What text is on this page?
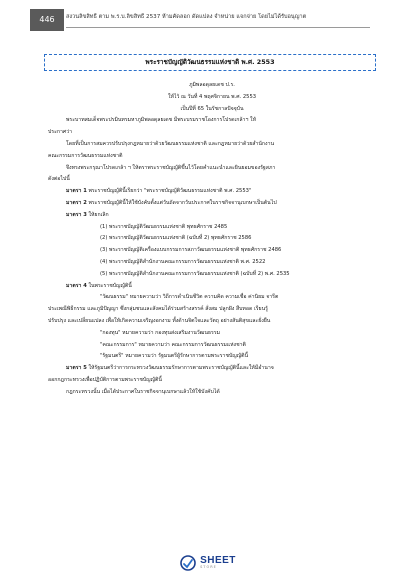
446	สงวนลิขสิทธิ์ ตาม พ.ร.บ.ลิขสิทธิ์ 2537 ห้ามคัดลอก ดัดแปลง จำหน่าย แจกจ่าย โดยไม่ได้รับอนุญาต
พระราชบัญญัติวัฒนธรรมแห่งชาติ พ.ศ. 2553
ภูมิพลอดุลยเดช ป.ร.
ให้ไว้ ณ วันที่ 4 พฤศจิกายน พ.ศ. 2553
เป็นปีที่ 65 ในรัชกาลปัจจุบัน
พระบาทสมเด็จพระปรมินทรมหาภูมิพลอดุลยเดช มีพระบรมราชโองการโปรดเกล้าฯ ให้
ประกาศว่า
โดยที่เป็นการสมควรปรับปรุงกฎหมายว่าด้วยวัฒนธรรมแห่งชาติ และกฎหมายว่าด้วยสำนักงาน
คณะกรรมการวัฒนธรรมแห่งชาติ
จึงทรงพระกรุณาโปรดเกล้า ฯ ให้ตราพระราชบัญญัติขึ้นไว้โดยคำแนะนำและยินยอมของรัฐสภา
ดังต่อไปนี้
มาตรา 1 พระราชบัญญัตินี้เรียกว่า "พระราชบัญญัติวัฒนธรรมแห่งชาติ พ.ศ. 2553"
มาตรา 2 พระราชบัญญัตินี้ให้ใช้บังคับตั้งแต่วันถัดจากวันประกาศในราชกิจจานุเบกษาเป็นต้นไป
มาตรา 3 ให้ยกเลิก
(1) พระราชบัญญัติวัฒนธรรมแห่งชาติ พุทธศักราช 2485
(2) พระราชบัญญัติวัฒนธรรมแห่งชาติ (ฉบับที่ 2) พุทธศักราช 2586
(3) พระราชบัญญัติเครื่องแบบกรรมการสภาวัฒนธรรมแห่งชาติ พุทธศักราช 2486
(4) พระราชบัญญัติสำนักงานคณะกรรมการวัฒนธรรมแห่งชาติ พ.ศ. 2522
(5) พระราชบัญญัติสำนักงานคณะกรรมการวัฒนธรรมแห่งชาติ (ฉบับที่ 2) พ.ศ. 2535
มาตรา 4 ในพระราชบัญญัตินี้
"วัฒนธรรม" หมายความว่า วิถีการดำเนินชีวิต ความคิด ความเชื่อ ค่านิยม จารีต
ประเพณีพิธีกรรม และภูมิปัญญา ซึ่งกลุ่มชนและสังคมได้ร่วมสร้างสรรค์ สั่งสม ปลูกฝัง สืบทอด เรียนรู้
ปรับปรุง และเปลี่ยนแปลง เพื่อให้เกิดความเจริญงอกงาม ทั้งด้านจิตใจและวัตถุ อย่างสันติสุขและยั่งยืน
"กองทุน" หมายความว่า กองทุนส่งเสริมงานวัฒนธรรม
"คณะกรรมการ" หมายความว่า คณะกรรมการวัฒนธรรมแห่งชาติ
"รัฐมนตรี" หมายความว่า รัฐมนตรีผู้รักษาการตามพระราชบัญญัตินี้
มาตรา 5 ให้รัฐมนตรีว่าการกระทรวงวัฒนธรรมรักษาการตามพระราชบัญญัตินี้และให้มีอำนาจ
ออกกฎกระทรวงเพื่อปฏิบัติการตามพระราชบัญญัตินี้
กฎกระทรวงนั้น เมื่อได้ประกาศในราชกิจจานุเบกษาแล้วให้ใช้บังคับได้
SHEET
STORE
